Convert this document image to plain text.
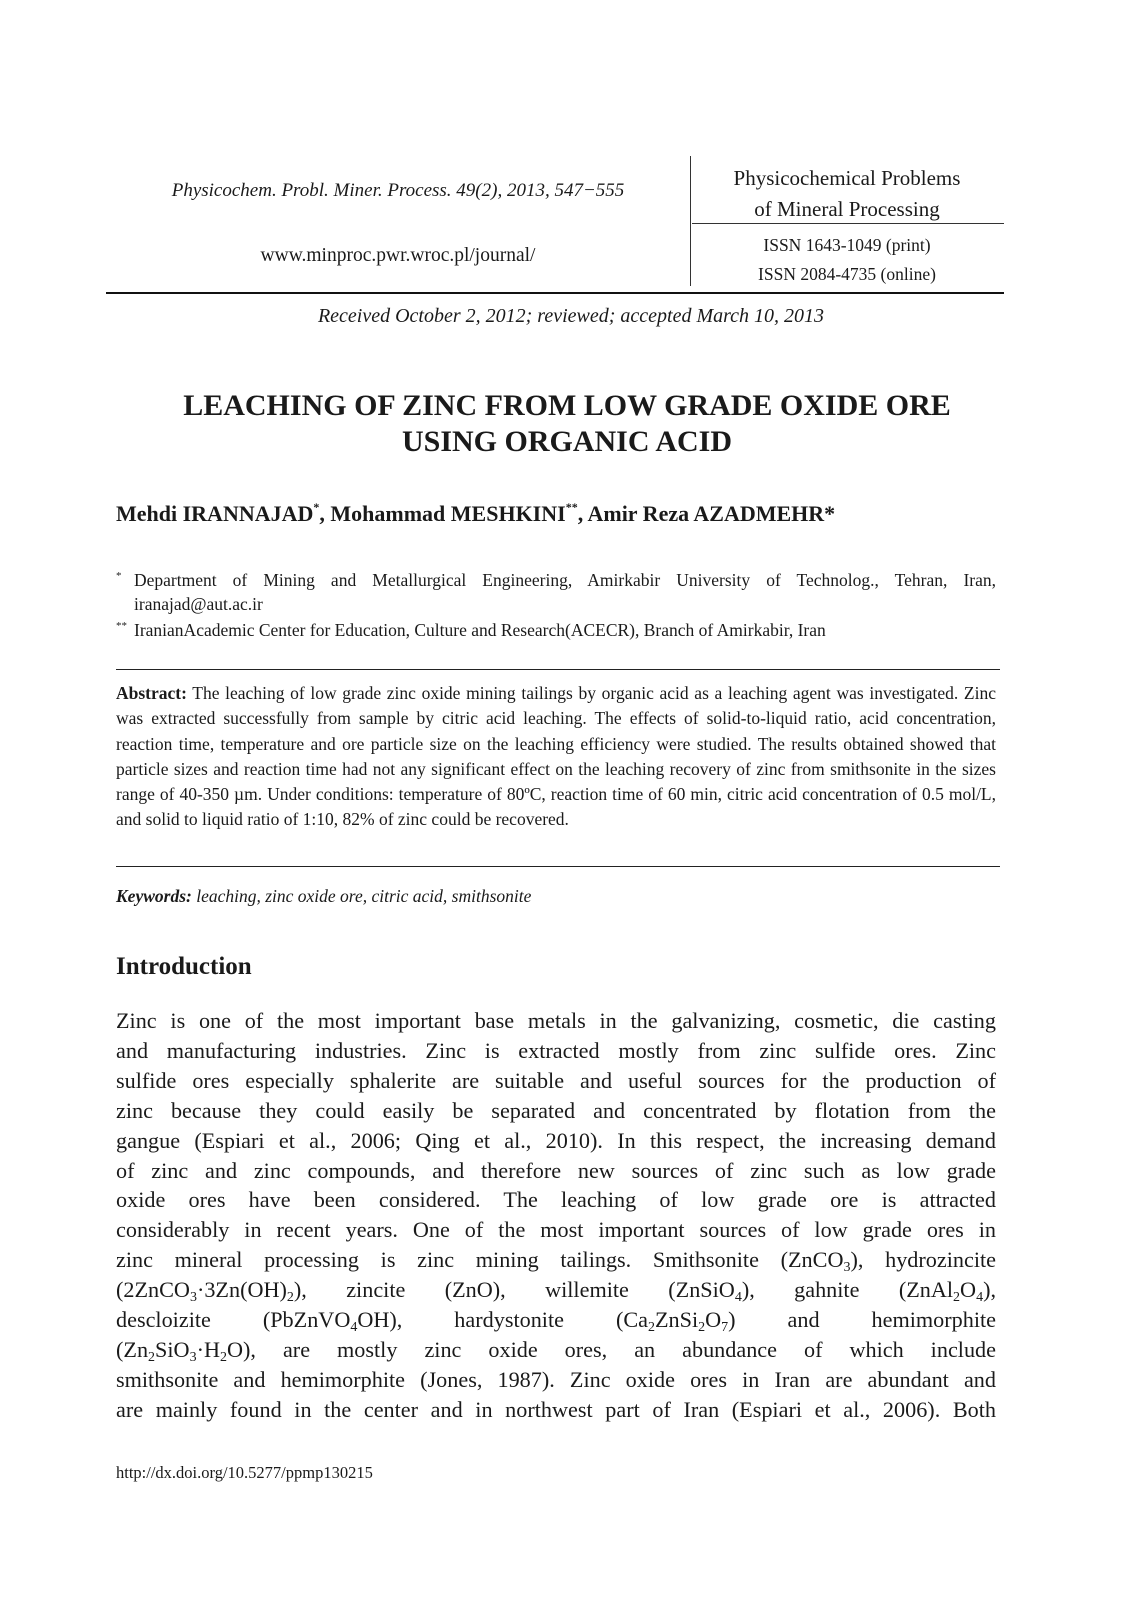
Physicochem. Probl. Miner. Process. 49(2), 2013, 547−555
www.minproc.pwr.wroc.pl/journal/
Physicochemical Problems
of Mineral Processing
ISSN 1643-1049 (print)
ISSN 2084-4735 (online)
Received October 2, 2012; reviewed; accepted March 10, 2013
LEACHING OF ZINC FROM LOW GRADE OXIDE ORE
USING ORGANIC ACID
Mehdi IRANNAJAD*, Mohammad MESHKINI**, Amir Reza AZADMEHR*
* Department of Mining and Metallurgical Engineering, Amirkabir University of Technolog., Tehran, Iran, iranajad@aut.ac.ir
** IranianAcademic Center for Education, Culture and Research(ACECR), Branch of Amirkabir, Iran
Abstract: The leaching of low grade zinc oxide mining tailings by organic acid as a leaching agent was investigated. Zinc was extracted successfully from sample by citric acid leaching. The effects of solid-to-liquid ratio, acid concentration, reaction time, temperature and ore particle size on the leaching efficiency were studied. The results obtained showed that particle sizes and reaction time had not any significant effect on the leaching recovery of zinc from smithsonite in the sizes range of 40-350 µm. Under conditions: temperature of 80ºC, reaction time of 60 min, citric acid concentration of 0.5 mol/L, and solid to liquid ratio of 1:10, 82% of zinc could be recovered.
Keywords: leaching, zinc oxide ore, citric acid, smithsonite
Introduction
Zinc is one of the most important base metals in the galvanizing, cosmetic, die casting
and manufacturing industries. Zinc is extracted mostly from zinc sulfide ores. Zinc
sulfide ores especially sphalerite are suitable and useful sources for the production of
zinc because they could easily be separated and concentrated by flotation from the
gangue (Espiari et al., 2006; Qing et al., 2010). In this respect, the increasing demand
of zinc and zinc compounds, and therefore new sources of zinc such as low grade
oxide ores have been considered. The leaching of low grade ore is attracted
considerably in recent years. One of the most important sources of low grade ores in
zinc mineral processing is zinc mining tailings. Smithsonite (ZnCO$_3$), hydrozincite
$(2ZnCO_3\cdot 3Zn(OH)_2)$, zincite (ZnO), willemite (ZnSiO$_4$), gahnite $(ZnAl_2O_4)$,
descloizite (PbZnVO$_4$OH), hardystonite $(Ca_2ZnSi_2O_7)$ and hemimorphite
$(Zn_2SiO_3\cdot H_2O)$, are mostly zinc oxide ores, an abundance of which include
smithsonite and hemimorphite (Jones, 1987). Zinc oxide ores in Iran are abundant and
are mainly found in the center and in northwest part of Iran (Espiari et al., 2006). Both
http://dx.doi.org/10.5277/ppmp130215
